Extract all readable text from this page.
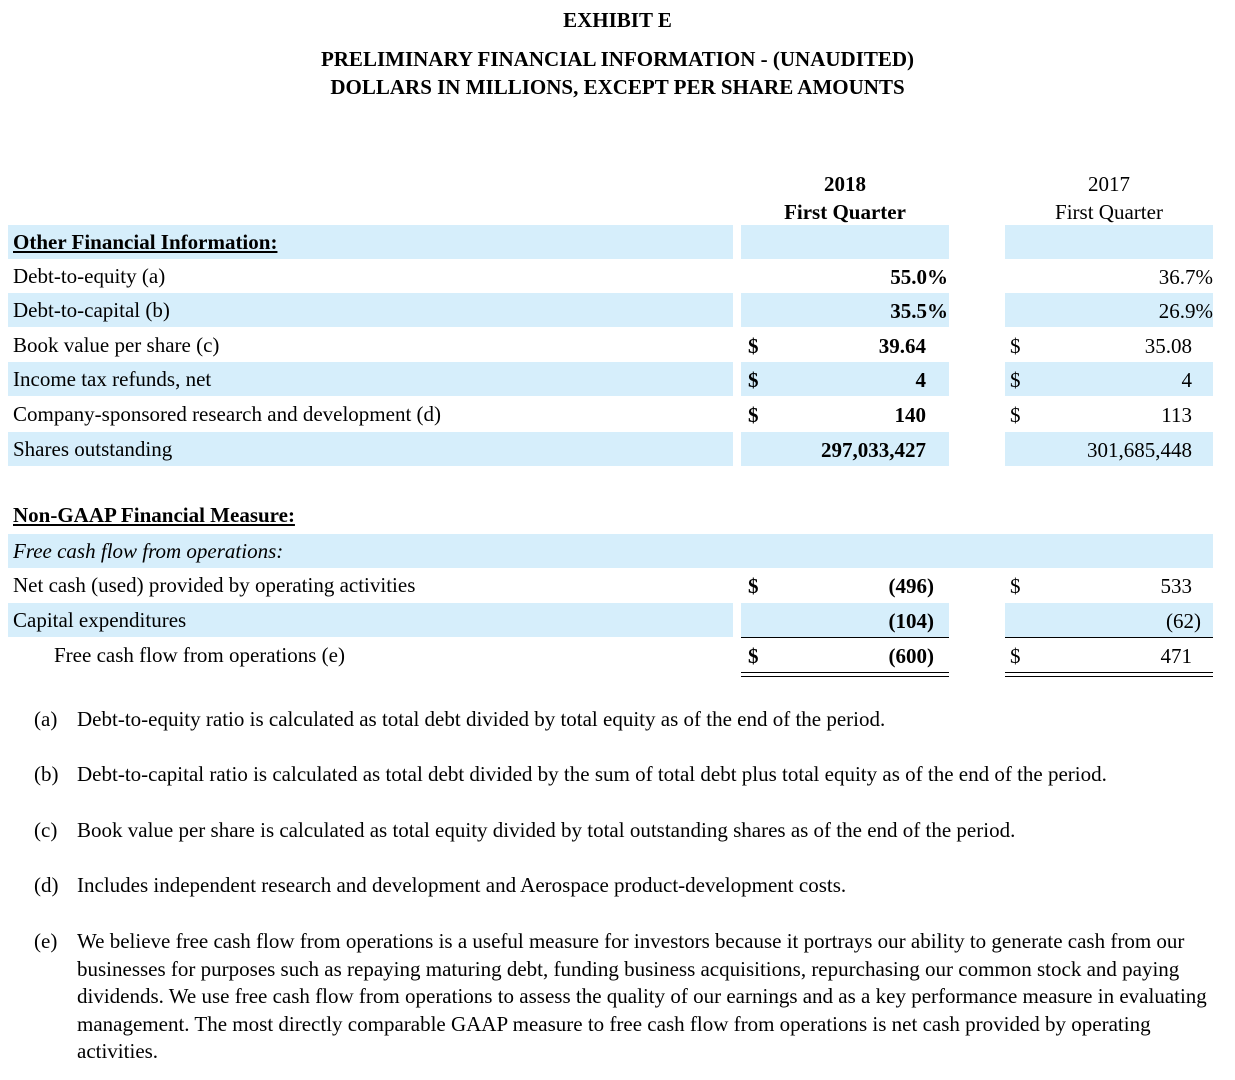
EXHIBIT E
PRELIMINARY FINANCIAL INFORMATION - (UNAUDITED)
DOLLARS IN MILLIONS, EXCEPT PER SHARE AMOUNTS
2018
First Quarter
2017
First Quarter
Other Financial Information:
Debt-to-equity (a)	55.0%	36.7%
Debt-to-capital (b)	35.5%	26.9%
Book value per share (c)	$	39.64	$	35.08
Income tax refunds, net	$	4	$	4
Company-sponsored research and development (d)	$	140	$	113
Shares outstanding	297,033,427	301,685,448
Non-GAAP Financial Measure:
Free cash flow from operations:
Net cash (used) provided by operating activities	$	(496)	$	533
Capital expenditures	(104)	(62)
Free cash flow from operations (e)	$	(600)	$	471
(a) Debt-to-equity ratio is calculated as total debt divided by total equity as of the end of the period.
(b) Debt-to-capital ratio is calculated as total debt divided by the sum of total debt plus total equity as of the end of the period.
(c) Book value per share is calculated as total equity divided by total outstanding shares as of the end of the period.
(d) Includes independent research and development and Aerospace product-development costs.
(e) We believe free cash flow from operations is a useful measure for investors because it portrays our ability to generate cash from our businesses for purposes such as repaying maturing debt, funding business acquisitions, repurchasing our common stock and paying dividends. We use free cash flow from operations to assess the quality of our earnings and as a key performance measure in evaluating management. The most directly comparable GAAP measure to free cash flow from operations is net cash provided by operating activities.
